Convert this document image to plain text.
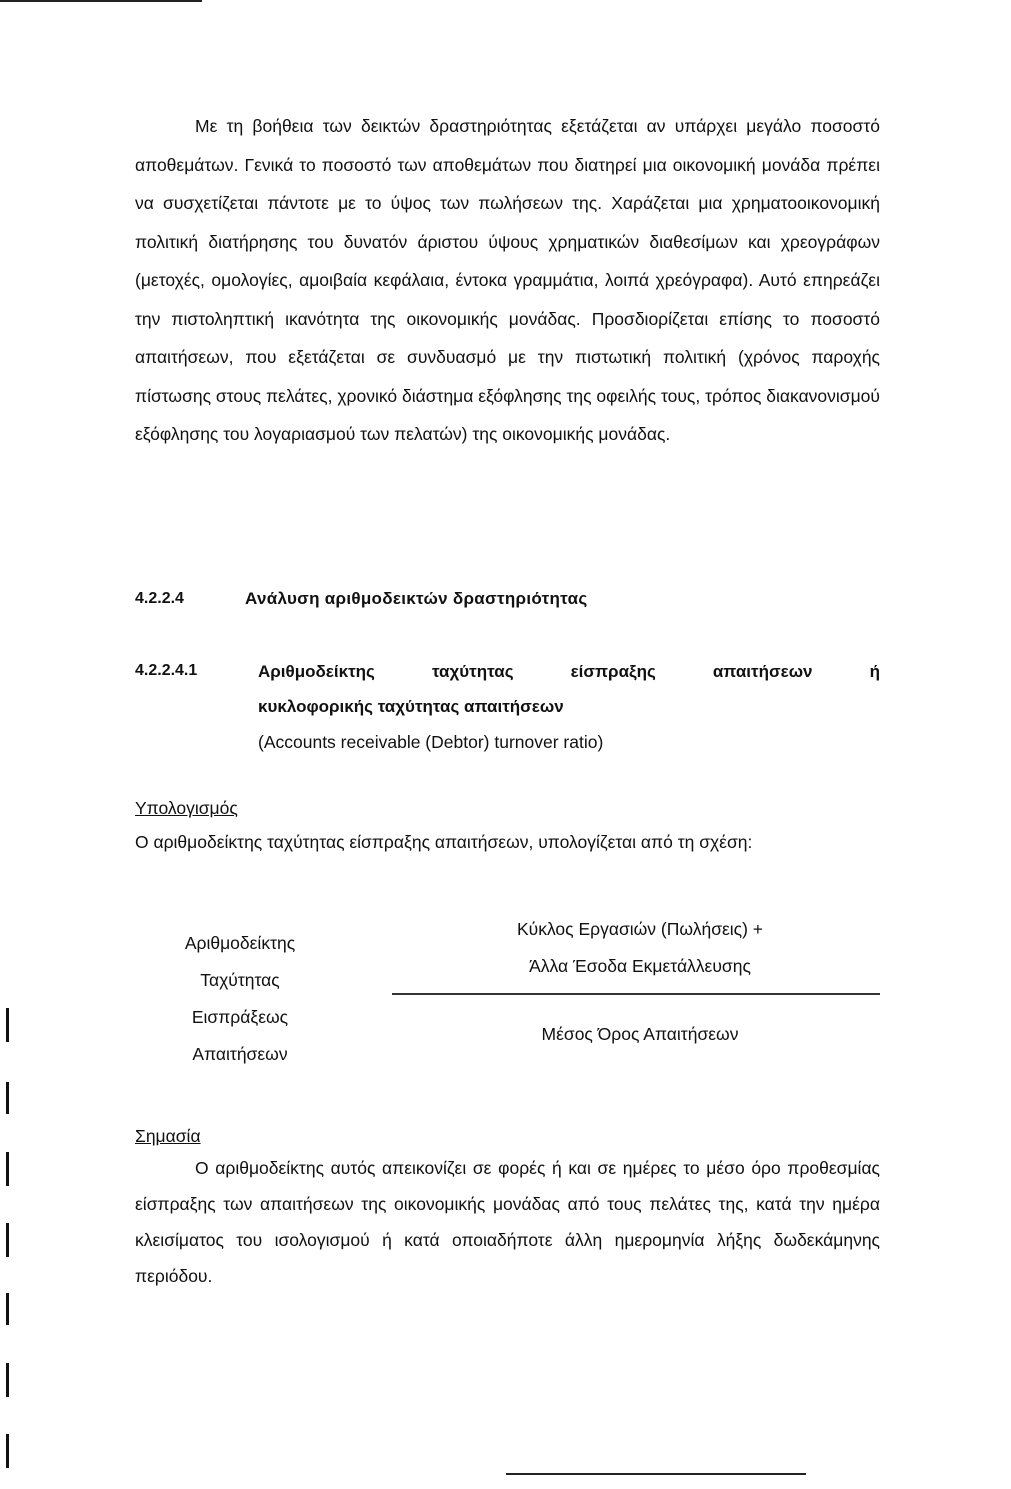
Με τη βοήθεια των δεικτών δραστηριότητας εξετάζεται αν υπάρχει μεγάλο ποσοστό αποθεμάτων. Γενικά το ποσοστό των αποθεμάτων που διατηρεί μια οικονομική μονάδα πρέπει να συσχετίζεται πάντοτε με το ύψος των πωλήσεων της. Χαράζεται μια χρηματοοικονομική πολιτική διατήρησης του δυνατόν άριστου ύψους χρηματικών διαθεσίμων και χρεογράφων (μετοχές, ομολογίες, αμοιβαία κεφάλαια, έντοκα γραμμάτια, λοιπά χρεόγραφα). Αυτό επηρεάζει την πιστοληπτική ικανότητα της οικονομικής μονάδας. Προσδιορίζεται επίσης το ποσοστό απαιτήσεων, που εξετάζεται σε συνδυασμό με την πιστωτική πολιτική (χρόνος παροχής πίστωσης στους πελάτες, χρονικό διάστημα εξόφλησης της οφειλής τους, τρόπος διακανονισμού εξόφλησης του λογαριασμού των πελατών) της οικονομικής μονάδας.

4.2.2.4	Ανάλυση αριθμοδεικτών δραστηριότητας
4.2.2.4.1	Αριθμοδείκτης	ταχύτητας	είσπραξης	απαιτήσεων	ή
κυκλοφορικής ταχύτητας απαιτήσεων
(Accounts receivable (Debtor) turnover ratio)
Υπολογισμός
Ο αριθμοδείκτης ταχύτητας είσπραξης απαιτήσεων, υπολογίζεται από τη σχέση:
Αριθμοδείκτης
Ταχύτητας
Εισπράξεως
Απαιτήσεων
Κύκλος Εργασιών (Πωλήσεις) +
Άλλα Έσοδα Εκμετάλλευσης
Μέσος Όρος Απαιτήσεων
Σημασία

Ο αριθμοδείκτης αυτός απεικονίζει σε φορές ή και σε ημέρες το μέσο όρο προθεσμίας είσπραξης των απαιτήσεων της οικονομικής μονάδας από τους πελάτες της, κατά την ημέρα κλεισίματος του ισολογισμού ή κατά οποιαδήποτε άλλη ημερομηνία λήξης δωδεκάμηνης περιόδου.
